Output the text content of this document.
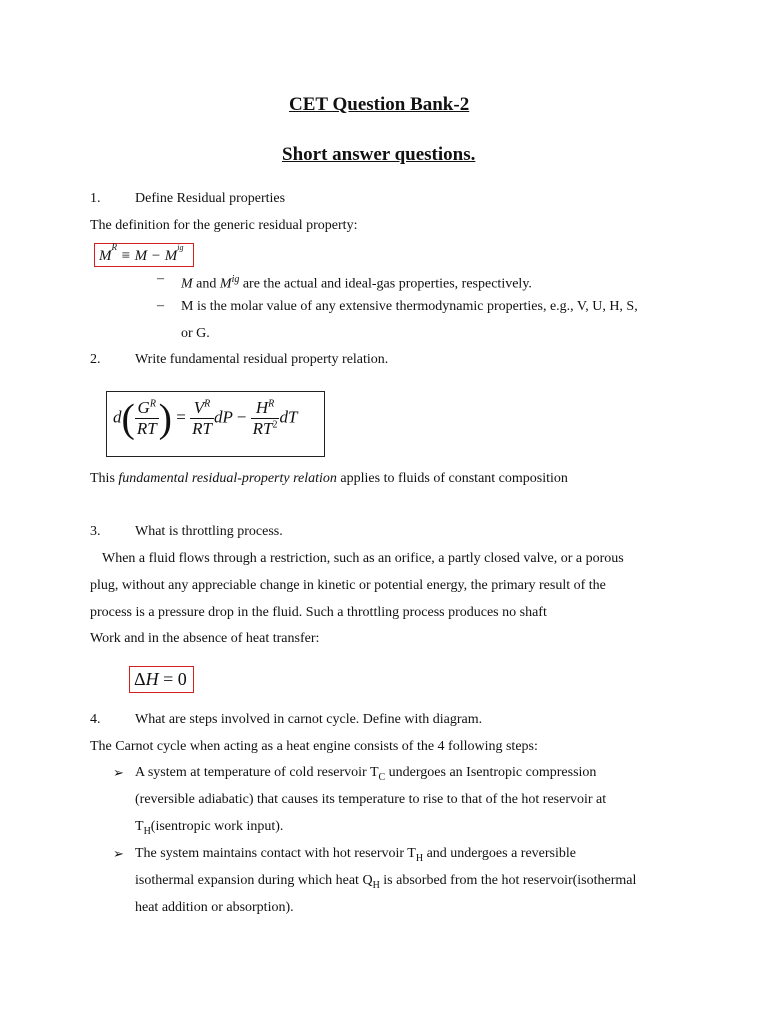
CET Question Bank-2
Short answer questions.
1. Define Residual properties
The definition for the generic residual property:
$M^R \equiv M - M^{ig}$
– M and $M^{ig}$ are the actual and ideal-gas properties, respectively.
– M is the molar value of any extensive thermodynamic properties, e.g., V, U, H, S,
or G.
2. Write fundamental residual property relation.
$d( \frac{G^R}{RT}$ ) = $\frac{V^R}{RT}$ dP − $\frac{H^R}{RT^2}$ dT
This fundamental residual-property relation applies to fluids of constant composition
3. What is throttling process.
When a fluid flows through a restriction, such as an orifice, a partly closed valve, or a porous
plug, without any appreciable change in kinetic or potential energy, the primary result of the
process is a pressure drop in the fluid. Such a throttling process produces no shaft
Work and in the absence of heat transfer:
ΔH = 0
4. What are steps involved in carnot cycle. Define with diagram.
The Carnot cycle when acting as a heat engine consists of the 4 following steps:
➢ A system at temperature of cold reservoir $T_C$ undergoes an Isentropic compression
(reversible adiabatic) that causes its temperature to rise to that of the hot reservoir at
$T_H(isentropic$ work input).
➢ The system maintains contact with hot reservoir $T_H$ and undergoes a reversible
isothermal expansion during which heat $Q_H$ is absorbed from the hot reservoir(isothermal
heat addition or absorption).
